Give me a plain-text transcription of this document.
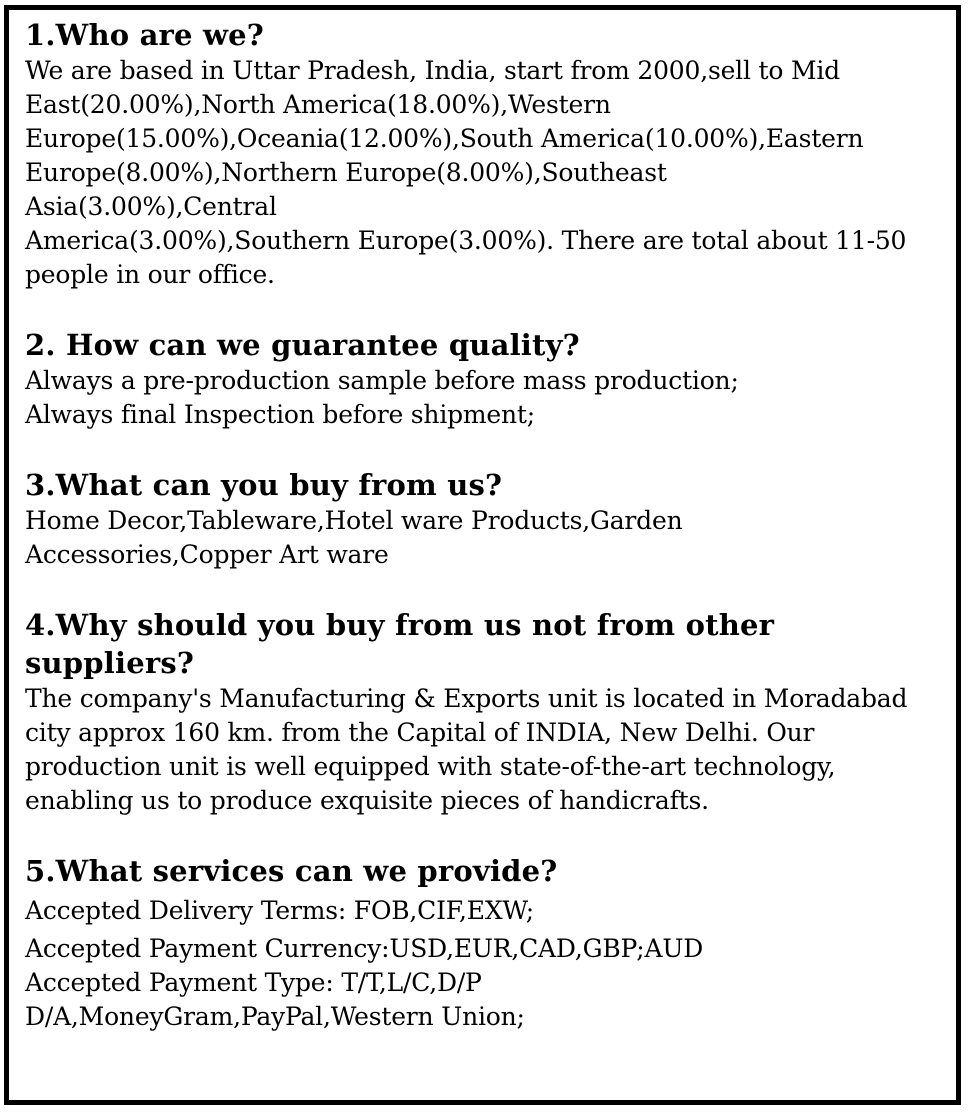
1.Who are we?

We are based in Uttar Pradesh, India, start from 2000,sell to Mid
East(20.00%),North America(18.00%),Western
Europe(15.00%),Oceania(12.00%),South America(10.00%),Eastern
Europe(8.00%),Northern Europe(8.00%),Southeast
Asia(3.00%),Central
America(3.00%),Southern Europe(3.00%). There are total about 11-50
people in our office.

2. How can we guarantee quality?

Always a pre-production sample before mass production;
Always final Inspection before shipment;

3.What can you buy from us?

Home Decor,Tableware,Hotel ware Products,Garden
Accessories,Copper Art ware

4.Why should you buy from us not from other
suppliers?

The company's Manufacturing & Exports unit is located in Moradabad
city approx 160 km. from the Capital of INDIA, New Delhi. Our
production unit is well equipped with state-of-the-art technology,
enabling us to produce exquisite pieces of handicrafts.

5.What services can we provide?

Accepted Delivery Terms: FOB,CIF,EXW;
Accepted Payment Currency:USD,EUR,CAD,GBP;AUD
Accepted Payment Type: T/T,L/C,D/P
D/A,MoneyGram,PayPal,Western Union;
